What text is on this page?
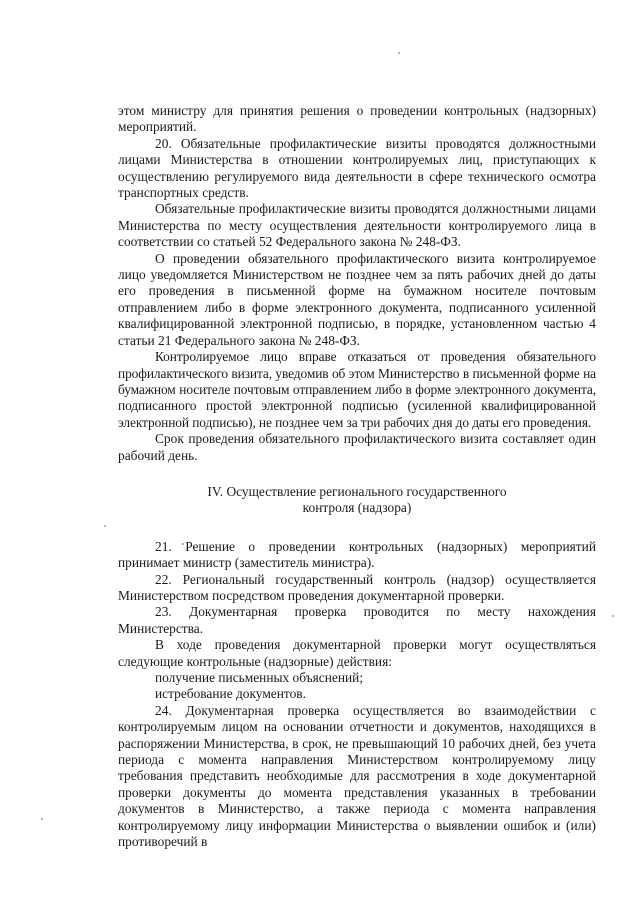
этом министру для принятия решения о проведении контрольных (надзорных) мероприятий.

20. Обязательные профилактические визиты проводятся должностными лицами Министерства в отношении контролируемых лиц, приступающих к осуществлению регулируемого вида деятельности в сфере технического осмотра транспортных средств.

Обязательные профилактические визиты проводятся должностными лицами Министерства по месту осуществления деятельности контролируемого лица в соответствии со статьей 52 Федерального закона № 248-ФЗ.

О проведении обязательного профилактического визита контролируемое лицо уведомляется Министерством не позднее чем за пять рабочих дней до даты его проведения в письменной форме на бумажном носителе почтовым отправлением либо в форме электронного документа, подписанного усиленной квалифицированной электронной подписью, в порядке, установленном частью 4 статьи 21 Федерального закона № 248-ФЗ.

Контролируемое лицо вправе отказаться от проведения обязательного профилактического визита, уведомив об этом Министерство в письменной форме на бумажном носителе почтовым отправлением либо в форме электронного документа, подписанного простой электронной подписью (усиленной квалифицированной электронной подписью), не позднее чем за три рабочих дня до даты его проведения.

Срок проведения обязательного профилактического визита составляет один рабочий день.

IV. Осуществление регионального государственного
контроля (надзора)

21. Решение о проведении контрольных (надзорных) мероприятий принимает министр (заместитель министра).

22. Региональный государственный контроль (надзор) осуществляется Министерством посредством проведения документарной проверки.

23. Документарная проверка проводится по месту нахождения Министерства.

В ходе проведения документарной проверки могут осуществляться следующие контрольные (надзорные) действия:

получение письменных объяснений;

истребование документов.

24. Документарная проверка осуществляется во взаимодействии с контролируемым лицом на основании отчетности и документов, находящихся в распоряжении Министерства, в срок, не превышающий 10 рабочих дней, без учета периода с момента направления Министерством контролируемому лицу требования представить необходимые для рассмотрения в ходе документарной проверки документы до момента представления указанных в требовании документов в Министерство, а также периода с момента направления контролируемому лицу информации Министерства о выявлении ошибок и (или) противоречий в
